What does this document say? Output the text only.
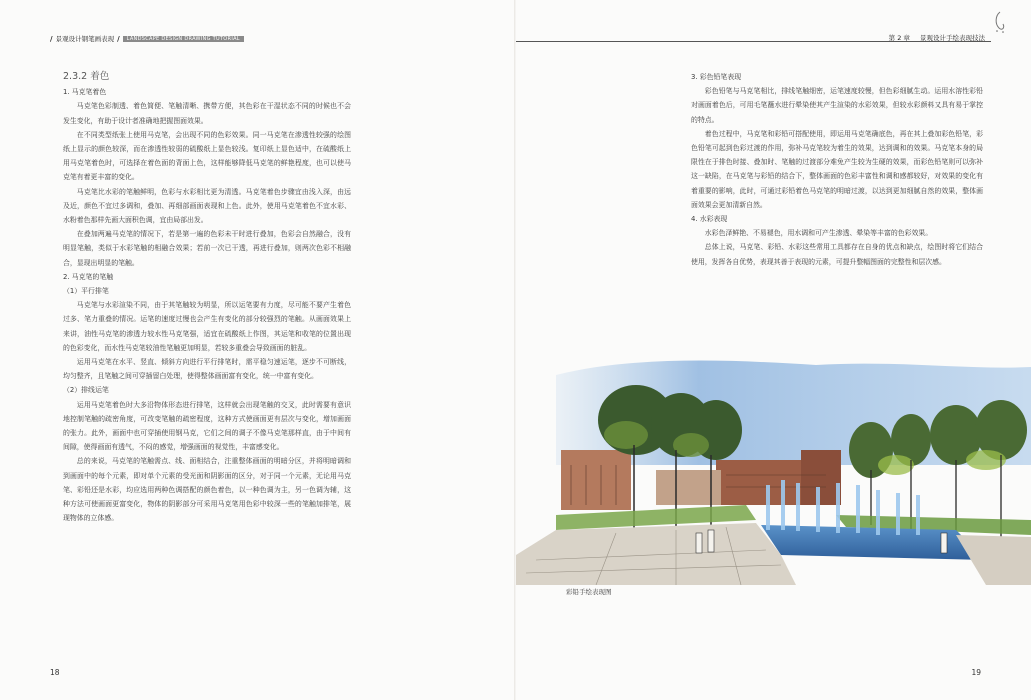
/ 景观设计钢笔画表现 /	LANDSCAPE DESIGN DRAWING TUTORIAL
2.3.2 着色

1. 马克笔着色

马克笔色彩制透、着色简便、笔触清晰、携带方便，其色彩在干湿状态不同的时候也不会发生变化，有助于设计者准确地把握图面效果。

在不同类型纸张上使用马克笔，会出现不同的色彩效果。同一马克笔在渗透性较强的绘图纸上显示的颜色较深，而在渗透性较弱的硫酸纸上显色较浅。复印纸上显色适中，在硫酸纸上用马克笔着色时，可选择在着色面的背面上色，这样能够降低马克笔的鲜艳程度，也可以使马克笔有着更丰富的变化。

马克笔比水彩的笔触鲜明，色彩与水彩相比更为清透。马克笔着色步骤宜由浅入深，由远及近，颜色不宜过多调和，叠加、再细部画面表现和上色。此外，使用马克笔着色不宜水彩、水粉着色那样先画大面积色调，宜由局部出发。

在叠加两遍马克笔的情况下，若是第一遍的色彩未干时进行叠加，色彩会自然融合，没有明显笔触，类似于水彩笔触的相融合效果；若前一次已干透，再进行叠加，则两次色彩不相融合，显现出明显的笔触。

2. 马克笔的笔触

（1）平行排笔

马克笔与水彩渲染不同，由于其笔触较为明显，所以运笔要有力度，尽可能不要产生着色过多、笔力重叠的情况。运笔的速度过慢也会产生有变化的部分较强烈的笔触。从画面效果上来讲，油性马克笔的渗透力较水性马克笔强，适宜在硫酸纸上作图，其运笔和收笔的位置出现的色彩变化，而水性马克笔较油性笔触更加明显，若较多重叠会导致画面的脏乱。

运用马克笔在水平、竖直、倾斜方向进行平行排笔时，需平稳匀速运笔，逐步不可断线，均匀整齐，且笔触之间可穿插留白处理，使得整体画面富有变化，统一中富有变化。

（2）排线运笔

运用马克笔着色时大多沿物体形态进行排笔，这样就会出现笔触的交叉，此时需要有意识地控制笔触的疏密角度，可改变笔触的疏密程度，这种方式使画面更有层次与变化，增加画面的张力。此外，画面中也可穿插使用钢马克，它们之间的调子不像马克笔那样直，由于中间有间隙，使得画面有透气，不闷的感觉，增强画面的视觉性，丰富感变化。

总的来说，马克笔的笔触需点、线、面相结合，注重整体画面的明暗分区，并将明暗调和到画面中的每个元素，即对单个元素的受光面和阴影面的区分，对于同一个元素，无论用马克笔、彩铅还是水彩，均应选用两种色调搭配的颜色着色，以一种色调为主，另一色调为辅，这种方法可使画面更富变化，物体的阴影部分可采用马克笔用色彩中较深一些的笔触加排笔，展现物体的立体感。

18
第 2 章 景观设计手绘表现技法

3. 彩色铅笔表现

彩色铅笔与马克笔相比，排线笔触细密，运笔速度较慢，但色彩细腻生动。运用水溶性彩铅对画面着色后，可用毛笔蘸水进行晕染使其产生渲染的水彩效果，但较水彩颜料又具有易于掌控的特点。

着色过程中，马克笔和彩铅可搭配使用，即运用马克笔确底色，再在其上叠加彩色铅笔，彩色铅笔可起到色彩过渡的作用，弥补马克笔较为着生的效果，达到调和的效果。马克笔本身的局限性在于排色时接、叠加时、笔触的过渡部分难免产生较为生硬的效果，而彩色铅笔则可以弥补这一缺陷，在马克笔与彩铅的结合下，整体画面的色彩丰富性和调和感都较好，对效果的变化有着重要的影响，此时，可通过彩铅着色马克笔的明暗过渡，以达到更加细腻自然的效果，整体画面效果会更加清新自然。

4. 水彩表现

水彩色泽鲜艳、不易褪色，用水调和可产生渗透、晕染等丰富的色彩效果。

总体上说，马克笔、彩铅、水彩这些常用工具都存在自身的优点和缺点，绘图时将它们结合使用，发挥各自优势，表现其善于表现的元素，可提升整幅图面的完整性和层次感。

彩铅手绘表现图
19
